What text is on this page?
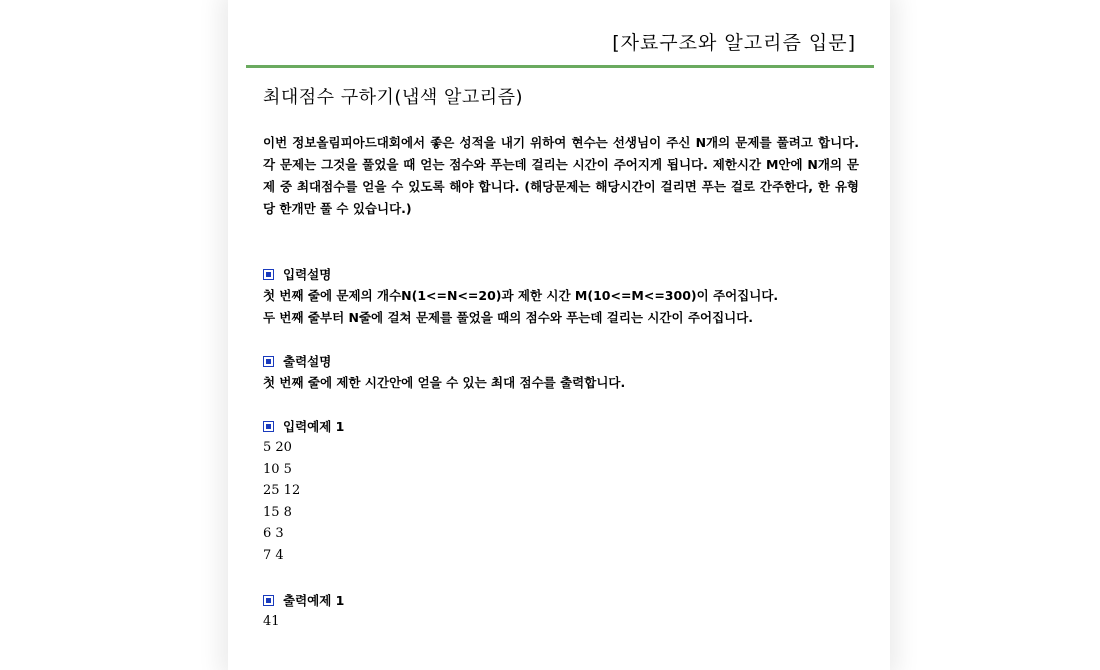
[자료구조와 알고리즘 입문]
최대점수 구하기(냅색 알고리즘)
이번 정보올림피아드대회에서 좋은 성적을 내기 위하여 현수는 선생님이 주신 N개의 문제를 풀려고 합니다. 각 문제는 그것을 풀었을 때 얻는 점수와 푸는데 걸리는 시간이 주어지게 됩니다. 제한시간 M안에 N개의 문제 중 최대점수를 얻을 수 있도록 해야 합니다. (해당문제는 해당시간이 걸리면 푸는 걸로 간주한다, 한 유형당 한개만 풀 수 있습니다.)
입력설명
첫 번째 줄에 문제의 개수N(1<=N<=20)과 제한 시간 M(10<=M<=300)이 주어집니다.
두 번째 줄부터 N줄에 걸쳐 문제를 풀었을 때의 점수와 푸는데 걸리는 시간이 주어집니다.
출력설명
첫 번째 줄에 제한 시간안에 얻을 수 있는 최대 점수를 출력합니다.
입력예제 1
5 20
10 5
25 12
15 8
6 3
7 4
출력예제 1
41
